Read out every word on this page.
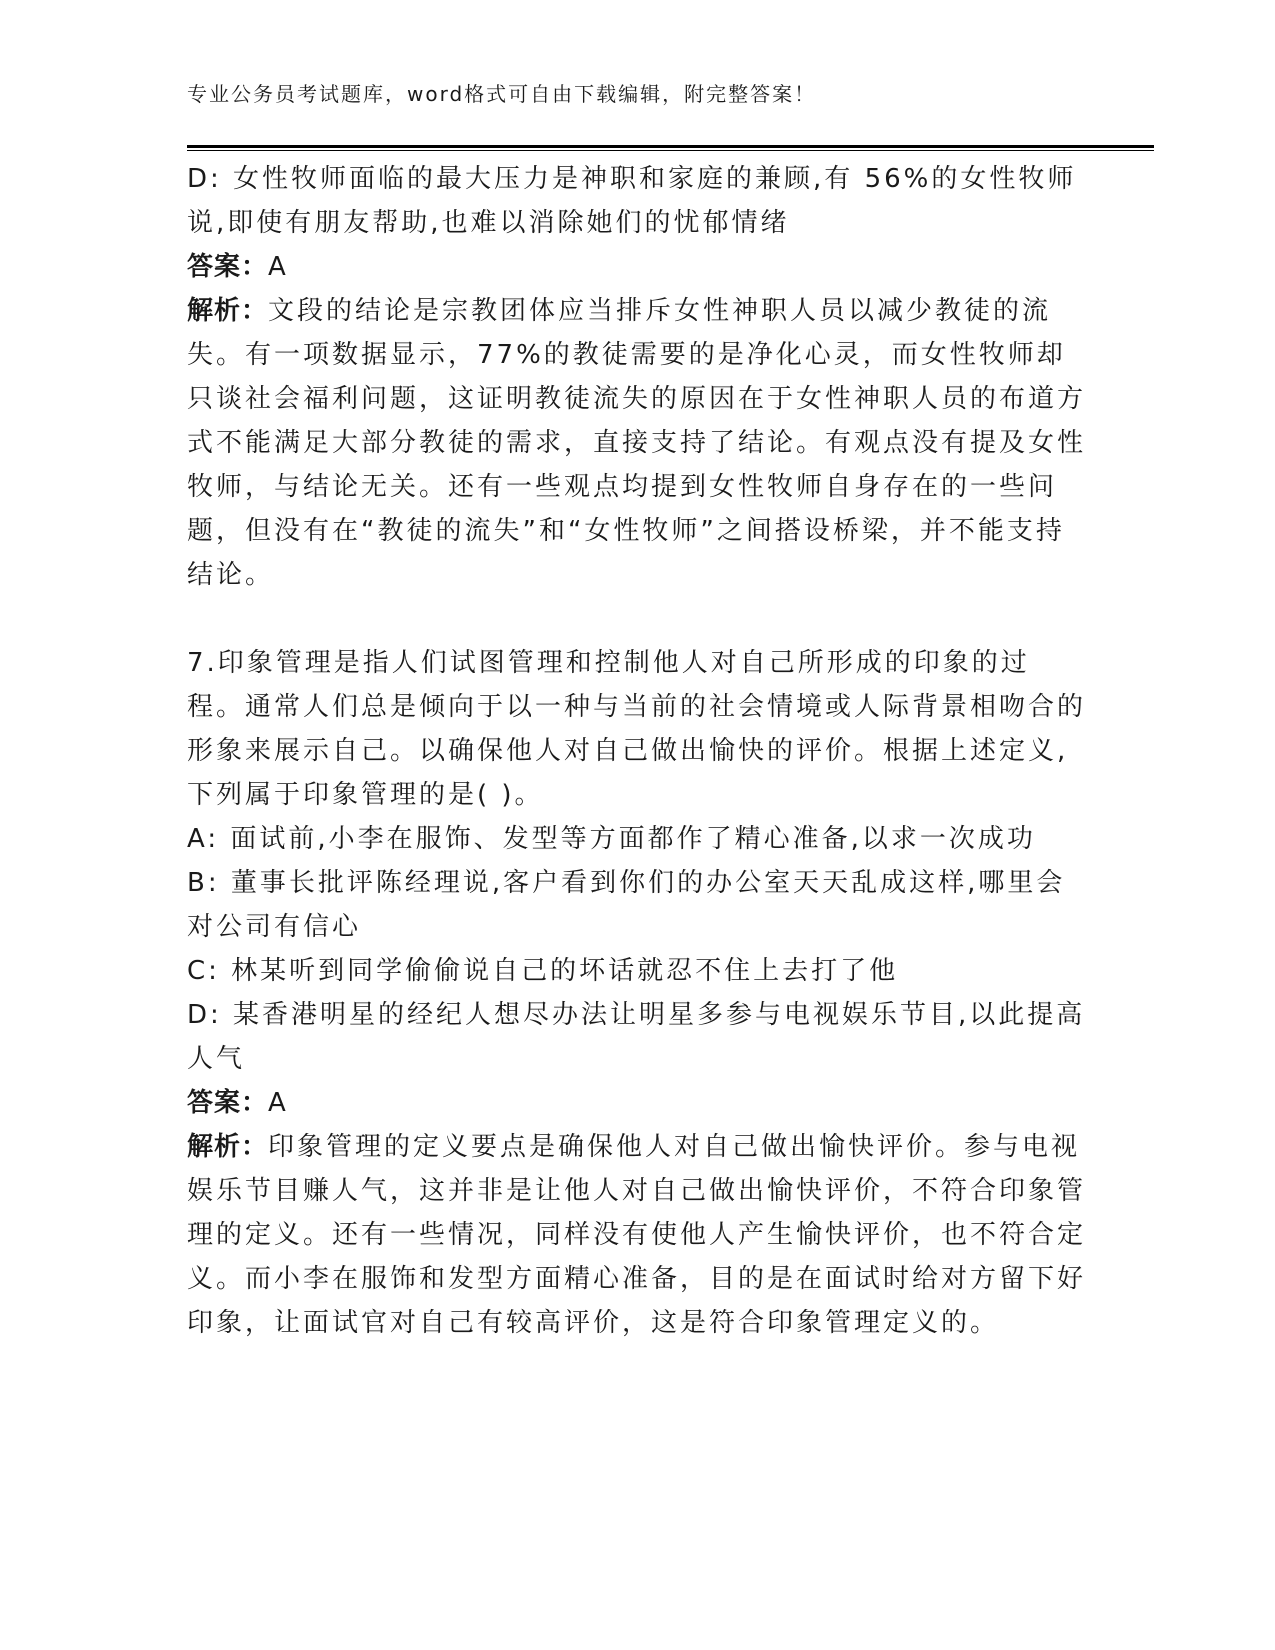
专业公务员考试题库，word格式可自由下载编辑，附完整答案！

D: 女性牧师面临的最大压力是神职和家庭的兼顾,有 56%的女性牧师说,即使有朋友帮助,也难以消除她们的忧郁情绪

答案：A

解析：文段的结论是宗教团体应当排斥女性神职人员以减少教徒的流失。有一项数据显示，77%的教徒需要的是净化心灵，而女性牧师却只谈社会福利问题，这证明教徒流失的原因在于女性神职人员的布道方式不能满足大部分教徒的需求，直接支持了结论。有观点没有提及女性牧师，与结论无关。还有一些观点均提到女性牧师自身存在的一些问题，但没有在“教徒的流失”和“女性牧师”之间搭设桥梁，并不能支持结论。

7.印象管理是指人们试图管理和控制他人对自己所形成的印象的过程。通常人们总是倾向于以一种与当前的社会情境或人际背景相吻合的形象来展示自己。以确保他人对自己做出愉快的评价。根据上述定义,下列属于印象管理的是( )。

A: 面试前,小李在服饰、发型等方面都作了精心准备,以求一次成功

B: 董事长批评陈经理说,客户看到你们的办公室天天乱成这样,哪里会对公司有信心

C: 林某听到同学偷偷说自己的坏话就忍不住上去打了他

D: 某香港明星的经纪人想尽办法让明星多参与电视娱乐节目,以此提高人气

答案：A

解析：印象管理的定义要点是确保他人对自己做出愉快评价。参与电视娱乐节目赚人气，这并非是让他人对自己做出愉快评价，不符合印象管理的定义。还有一些情况，同样没有使他人产生愉快评价，也不符合定义。而小李在服饰和发型方面精心准备，目的是在面试时给对方留下好印象，让面试官对自己有较高评价，这是符合印象管理定义的。
